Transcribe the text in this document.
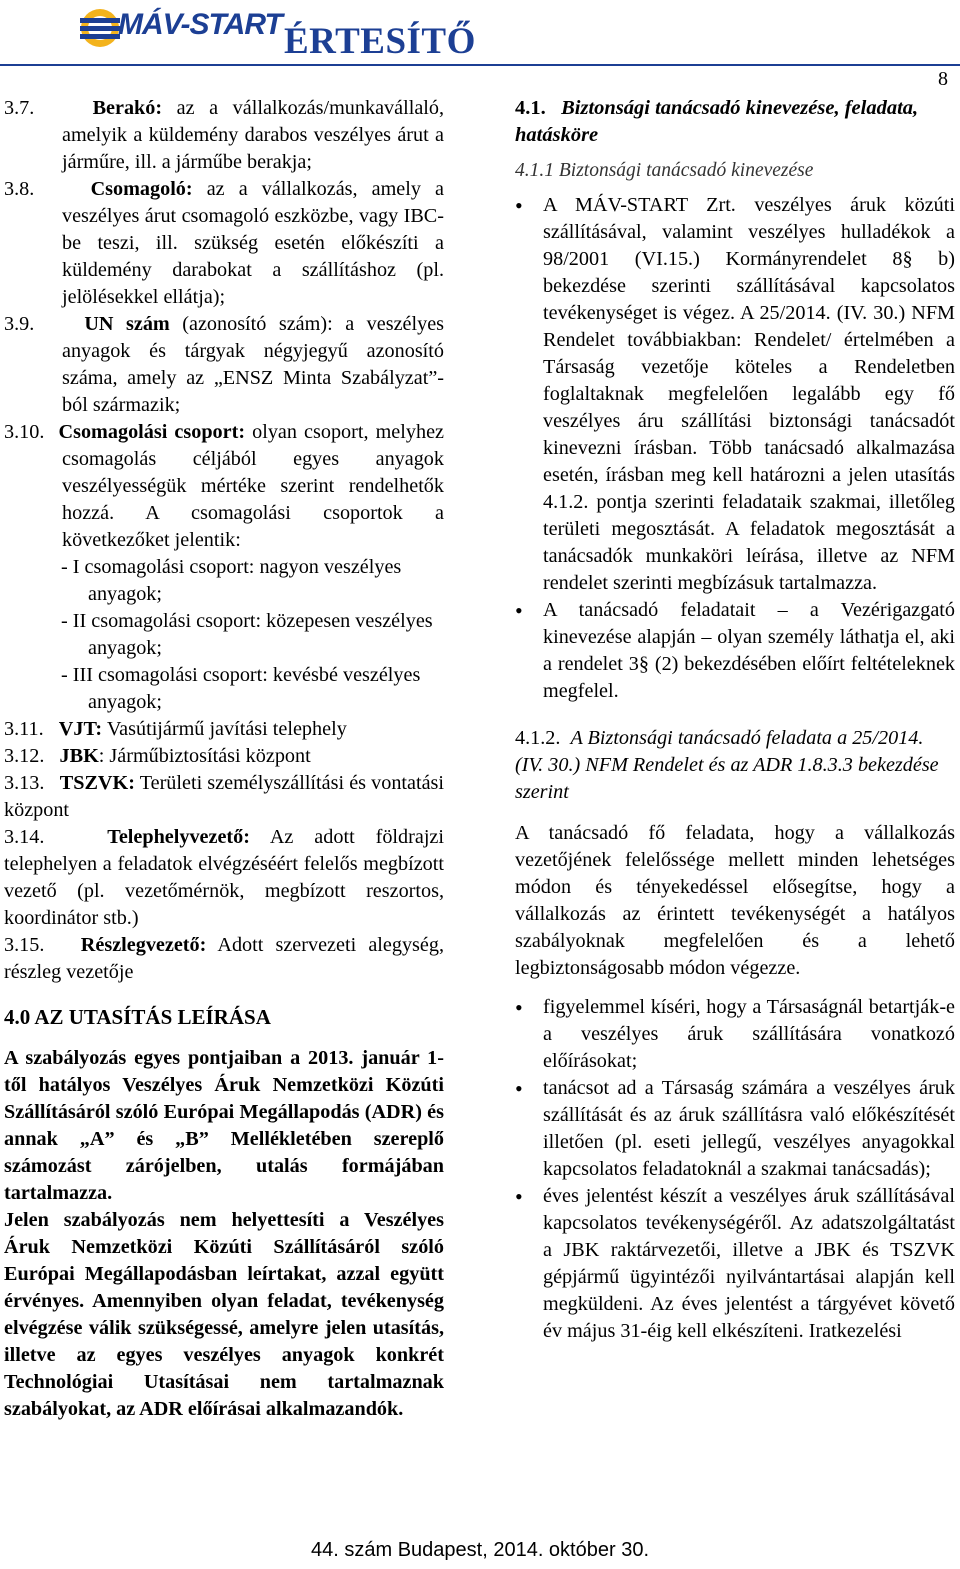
MÁV-START ÉRTESÍTŐ
8

3.7.	Berakó: az a vállalkozás/munkavállaló, amelyik a küldemény darabos veszélyes árut a járműre, ill. a járműbe berakja;

3.8.	Csomagoló: az a vállalkozás, amely a veszélyes árut csomagoló eszközbe, vagy IBC-be teszi, ill. szükség esetén előkészíti a küldemény darabokat a szállításhoz (pl. jelölésekkel ellátja);

3.9. UN szám (azonosító szám): a veszélyes anyagok és tárgyak négyjegyű azonosító száma, amely az „ENSZ Minta Szabályzat”-ból származik;

3.10. Csomagolási csoport: olyan csoport, melyhez csomagolás céljából egyes anyagok veszélyességük mértéke szerint rendelhetők hozzá. A csomagolási csoportok a következőket jelentik:

- I csomagolási csoport: nagyon veszélyes anyagok;

- II csomagolási csoport: közepesen veszélyes anyagok;

- III csomagolási csoport: kevésbé veszélyes anyagok;

3.11. VJT: Vasútijármű javítási telephely

3.12. JBK: Járműbiztosítási központ

3.13. TSZVK: Területi személyszállítási és vontatási központ

3.14.	Telephelyvezető: Az adott földrajzi telephelyen a feladatok elvégzéséért felelős megbízott vezető (pl. vezetőmérnök, megbízott reszortos, koordinátor stb.)

3.15. Részlegvezető: Adott szervezeti alegység, részleg vezetője

4.0 AZ UTASÍTÁS LEÍRÁSA

A szabályozás egyes pontjaiban a 2013. január 1-től hatályos Veszélyes Áruk Nemzetközi Közúti Szállításáról szóló Európai Megállapodás (ADR) és annak „A” és „B” Mellékletében szereplő számozást zárójelben, utalás formájában tartalmazza.

Jelen szabályozás nem helyettesíti a Veszélyes Áruk Nemzetközi Közúti Szállításáról szóló Európai Megállapodásban leírtakat, azzal együtt érvényes. Amennyiben olyan feladat, tevékenység elvégzése válik szükségessé, amelyre jelen utasítás, illetve az egyes veszélyes anyagok konkrét Technológiai Utasításai nem tartalmaznak szabályokat, az ADR előírásai alkalmazandók.

4.1. Biztonsági tanácsadó kinevezése, feladata, hatásköre

4.1.1 Biztonsági tanácsadó kinevezése

• A MÁV-START Zrt. veszélyes áruk közúti szállításával, valamint veszélyes hulladékok a 98/2001 (VI.15.) Kormányrendelet 8§ b) bekezdése szerinti szállításával kapcsolatos tevékenységet is végez. A 25/2014. (IV. 30.) NFM Rendelet továbbiakban: Rendelet/ értelmében a Társaság vezetője köteles a Rendeletben foglaltaknak megfelelően legalább egy fő veszélyes áru szállítási biztonsági tanácsadót kinevezni írásban. Több tanácsadó alkalmazása esetén, írásban meg kell határozni a jelen utasítás 4.1.2. pontja szerinti feladataik szakmai, illetőleg területi megosztását. A feladatok megosztását a tanácsadók munkaköri leírása, illetve az NFM rendelet szerinti megbízásuk tartalmazza.
• A tanácsadó feladatait – a Vezérigazgató kinevezése alapján – olyan személy láthatja el, aki a rendelet 3§ (2) bekezdésében előírt feltételeknek megfelel.

4.1.2. A Biztonsági tanácsadó feladata a 25/2014. (IV. 30.) NFM Rendelet és az ADR 1.8.3.3 bekezdése szerint

A tanácsadó fő feladata, hogy a vállalkozás vezetőjének felelőssége mellett minden lehetséges módon és tényekedéssel elősegítse, hogy a vállalkozás az érintett tevékenységét a hatályos szabályoknak megfelelően és a lehető legbiztonságosabb módon végezze.

• figyelemmel kíséri, hogy a Társaságnál betartják-e a veszélyes áruk szállítására vonatkozó előírásokat;
• tanácsot ad a Társaság számára a veszélyes áruk szállítását és az áruk szállításra való előkészítését illetően (pl. eseti jellegű, veszélyes anyagokkal kapcsolatos feladatoknál a szakmai tanácsadás);
• éves jelentést készít a veszélyes áruk szállításával kapcsolatos tevékenységéről. Az adatszolgáltatást a JBK raktárvezetői, illetve a JBK és TSZVK gépjármű ügyintézői nyilvántartásai alapján kell megküldeni. Az éves jelentést a tárgyévet követő év május 31-éig kell elkészíteni. Iratkezelési
44. szám Budapest, 2014. október 30.
